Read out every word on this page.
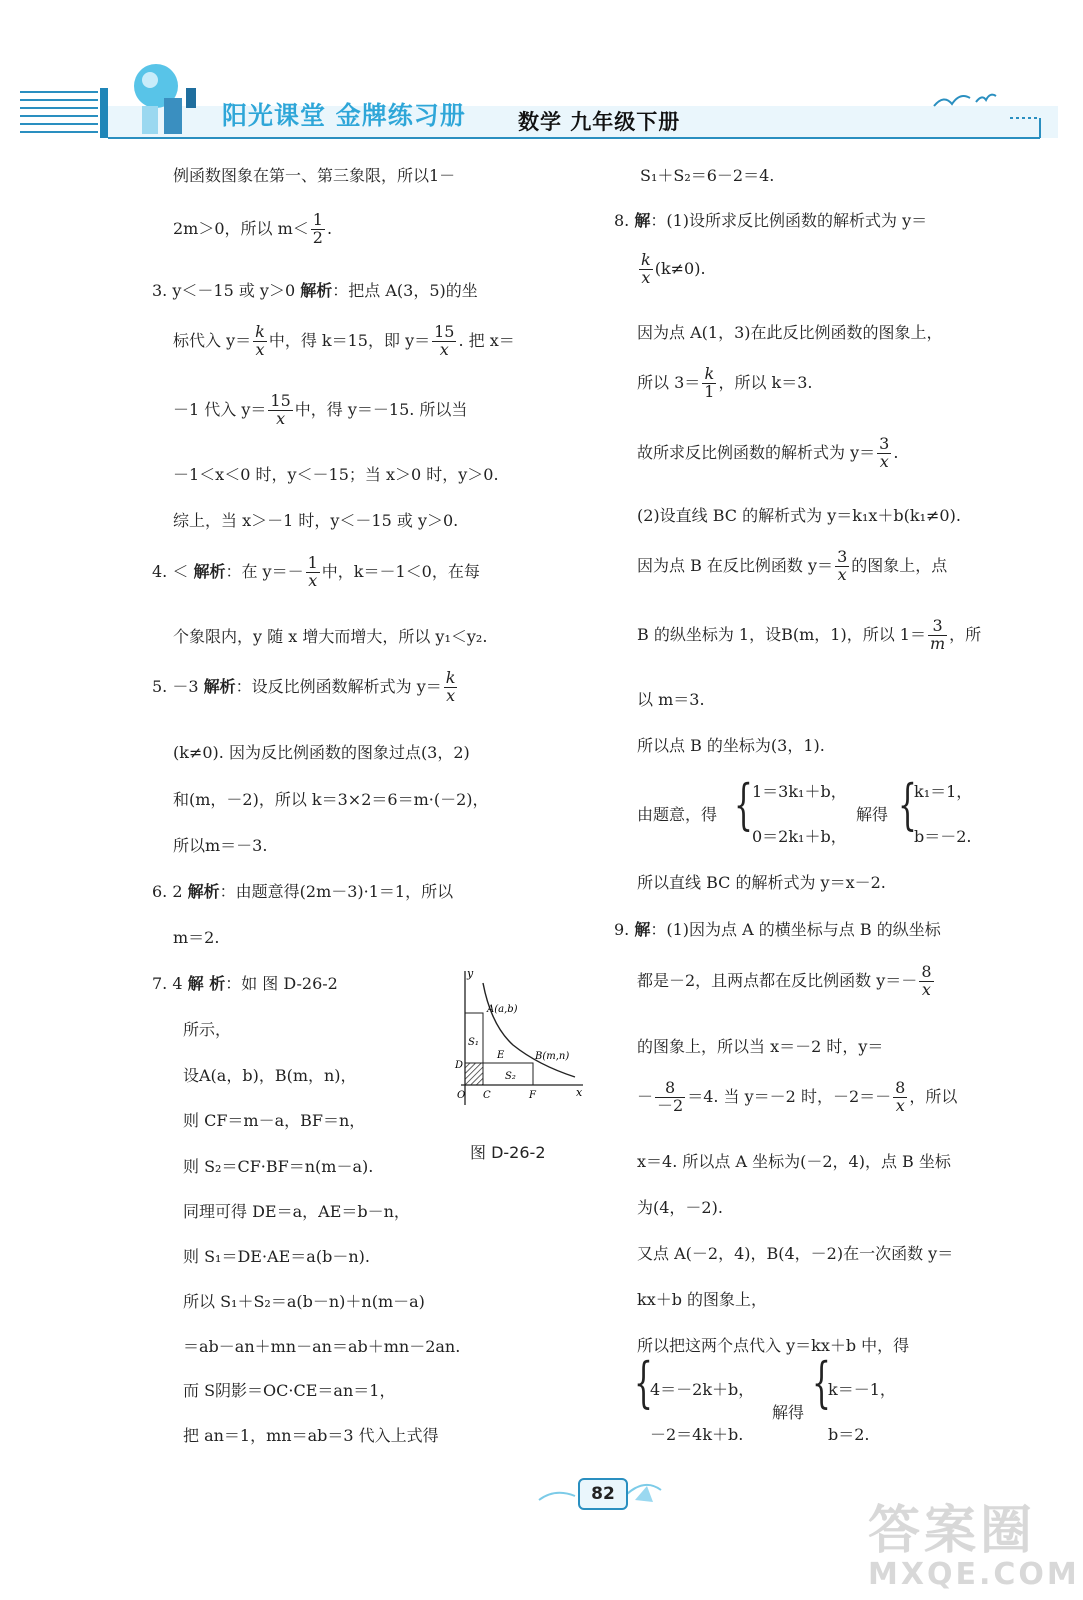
阳光课堂 金牌练习册 数学 九年级下册
例函数图象在第一、第三象限，所以1－
2m＞0，所以 $m< \frac{1}{2}$ .
3. y＜－15 或 y＞0 解析：把点 A(3，5)的坐
标代入 $y= \frac{k}{x}$ 中，得 k＝15，即 $y= \frac{15}{x}$ . 把 x＝
－1 代入 $y= \frac{15}{x}$ 中，得 y＝－15. 所以当
－1＜x＜0 时，y＜－15；当 x＞0 时，y＞0.
综上，当 x＞－1 时，y＜－15 或 y＞0.
4. ＜ 解析：在 $y=- \frac{1}{x}$ 中，k＝－1＜0，在每
个象限内，y 随 x 增大而增大，所以 y₁＜y₂.
5. －3 解析：设反比例函数解析式为 $y= \frac{k}{x}$
(k≠0). 因为反比例函数的图象过点(3，2)
和(m，－2)，所以 k＝3×2＝6＝m·(－2)，
所以m＝－3.
6. 2 解析：由题意得(2m－3)·1＝1，所以
m＝2.
7. 4 解 析：如 图 D-26-2
所示，
设A(a，b)，B(m，n)，
则 CF＝m－a，BF＝n，
则 S₂＝CF·BF＝n(m－a).
同理可得 DE＝a，AE＝b－n，
则 S₁＝DE·AE＝a(b－n).
所以 S₁＋S₂＝a(b－n)＋n(m－a)
＝ab－an＋mn－an＝ab＋mn－2an.
而 S阴影＝OC·CE＝an＝1，
把 an＝1，mn＝ab＝3 代入上式得
y
x
A(a,b)
B(m,n)
S₁
S₂
E
D
O C	F
图 D-26-2
S₁＋S₂＝6－2＝4.
8. 解：(1)设所求反比例函数的解析式为 y＝
$\frac{k}{x} (k\ne 0)$.
因为点 A(1，3)在此反比例函数的图象上，
所以 $3= \frac{k}{1}$ ，所以 k＝3.
故所求反比例函数的解析式为 $y= \frac{3}{x}$ .
(2)设直线 BC 的解析式为 y＝k₁x＋b(k₁≠0).
因为点 B 在反比例函数 $y= \frac{3}{x}$ 的图象上，点
B 的纵坐标为 1，设B(m，1)，所以 $1= \frac{3}{m}$ ，所
以 m＝3.
所以点 B 的坐标为(3，1).
由题意，得 { 1＝3k₁＋b，
0＝2k₁＋b，
解得 {
k₁＝1，
b＝－2.
所以直线 BC 的解析式为 y＝x－2.
9. 解：(1)因为点 A 的横坐标与点 B 的纵坐标
都是－2，且两点都在反比例函数 $y=- \frac{8}{x}$
的图象上，所以当 x＝－2 时，y＝
－ $\frac{8}{-2} =4$. 当 y＝－2 时，$-2=- \frac{8}{x}$ ，所以
x＝4. 所以点 A 坐标为(－2，4)，点 B 坐标
为(4，－2).
又点 A(－2，4)，B(4，－2)在一次函数 y＝
kx＋b 的图象上，
所以把这两个点代入 y＝kx＋b 中，得
{
4＝－2k＋b，
－2＝4k＋b.
解得 {
k＝－1，
b＝2.
82
答案圈
MXQE.COM
